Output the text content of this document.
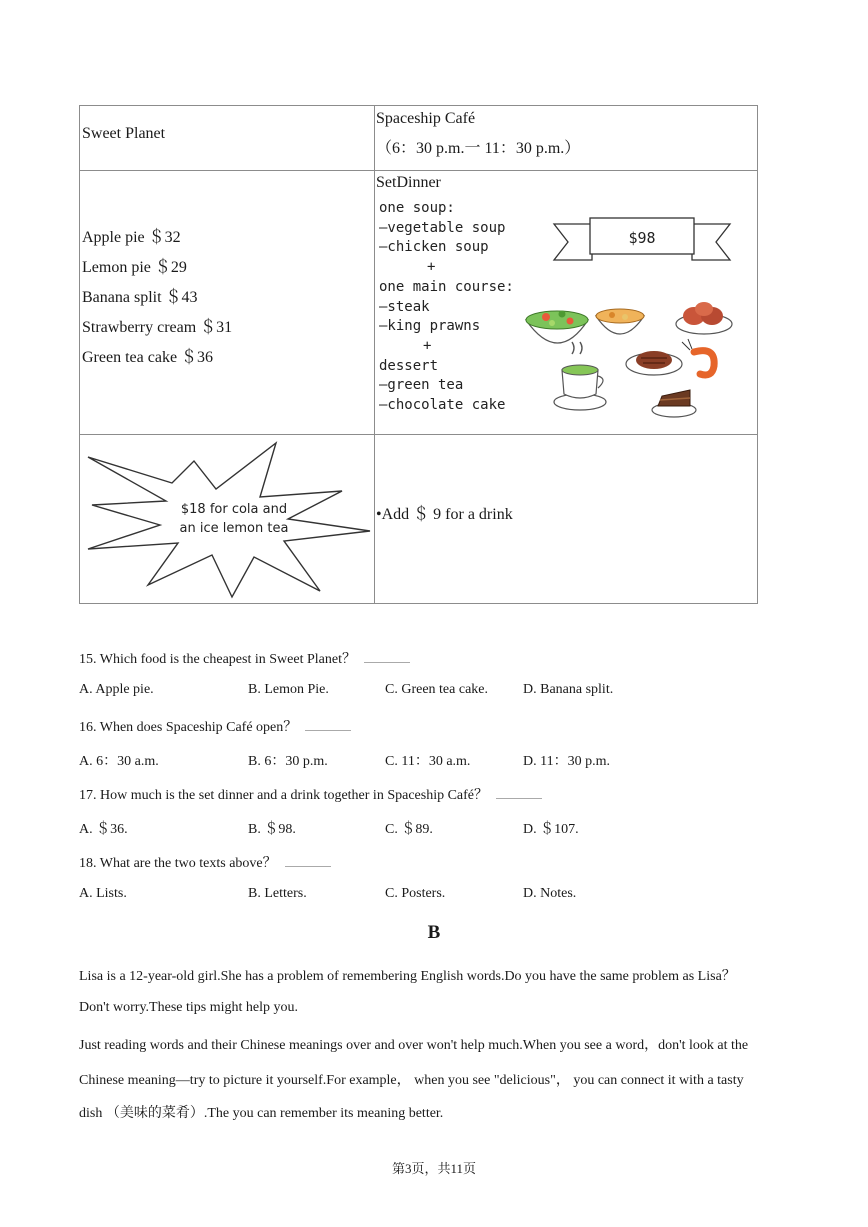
Sweet Planet
Spaceship Café
（6：30 p.m.一 11：30 p.m.）
Apple pie ＄32
Lemon pie ＄29
Banana split ＄43
Strawberry cream ＄31
Green tea cake ＄36
SetDinner
one soup:
—vegetable soup
—chicken soup
+
one main course:
—steak
—king prawns
+
dessert
—green tea
—chocolate cake
$98
$18 for cola and
an ice lemon tea
•Add ＄ 9 for a drink
15. Which food is the cheapest in Sweet Planet？
A. Apple pie.	B. Lemon Pie.	C. Green tea cake.	D. Banana split.
16. When does Spaceship Café open？
A. 6：30 a.m.	B. 6：30 p.m.	C. 11：30 a.m.	D. 11：30 p.m.
17. How much is the set dinner and a drink together in Spaceship Café？
A. ＄36.	B. ＄98.	C. ＄89.	D. ＄107.
18. What are the two texts above？
A. Lists.	B. Letters.	C. Posters.	D. Notes.
B
Lisa is a 12-year-old girl.She has a problem of remembering English words.Do you have the same problem as Lisa？
Don't worry.These tips might help you.
Just reading words and their Chinese meanings over and over won't help much.When you see a word，don't look at the
Chinese meaning—try to picture it yourself.For example， when you see "delicious"， you can connect it with a tasty
dish （美味的菜肴）.The you can remember its meaning better.
第3页，共11页
